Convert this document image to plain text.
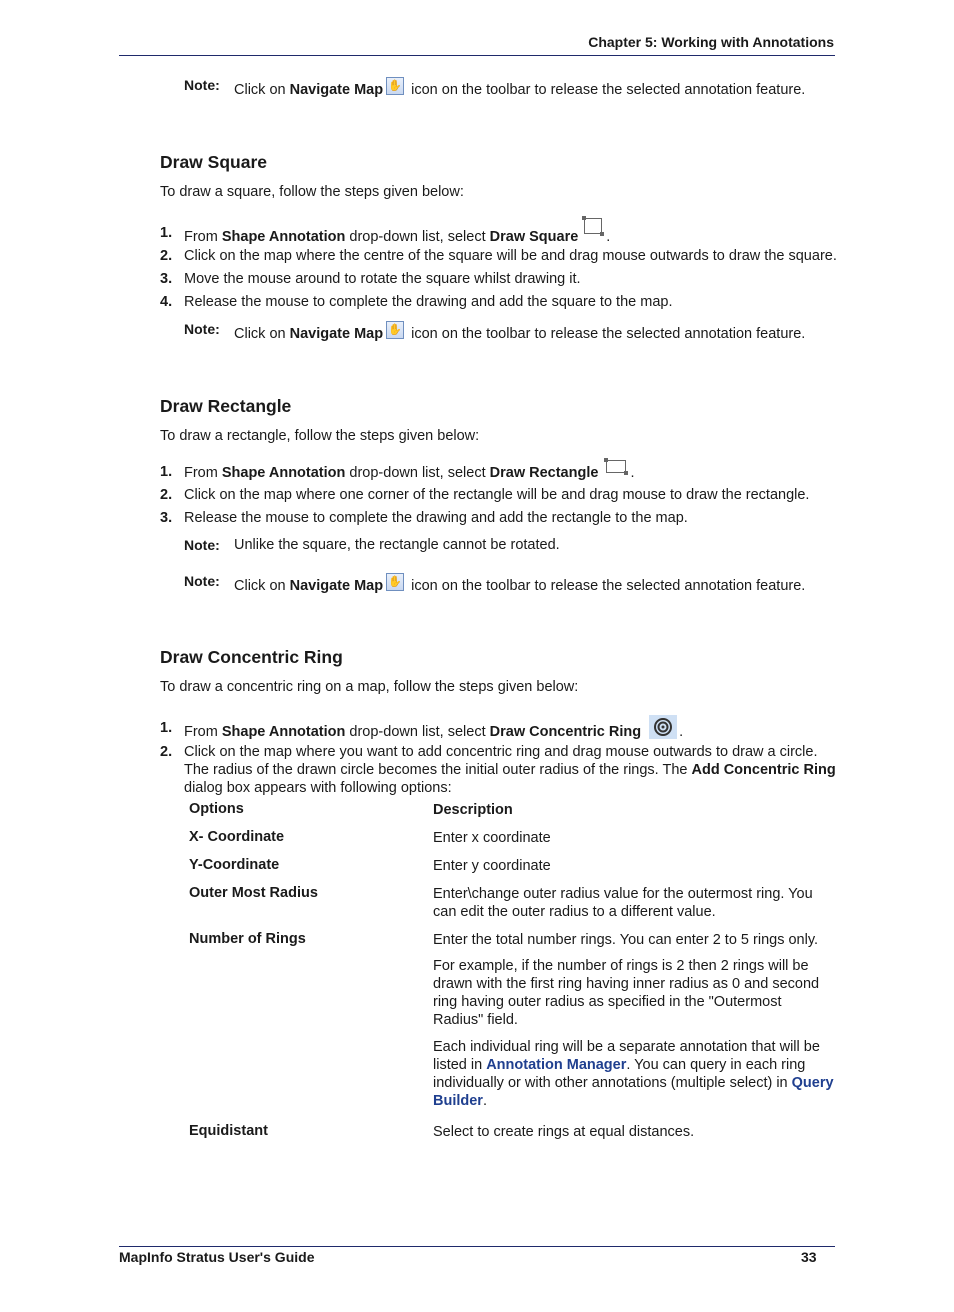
Chapter 5: Working with Annotations
Note: Click on Navigate Map ✋ icon on the toolbar to release the selected annotation feature.
Draw Square
To draw a square, follow the steps given below:
1. From Shape Annotation drop-down list, select Draw Square .
2. Click on the map where the centre of the square will be and drag mouse outwards to draw the square.
3. Move the mouse around to rotate the square whilst drawing it.
4. Release the mouse to complete the drawing and add the square to the map.
Note: Click on Navigate Map ✋ icon on the toolbar to release the selected annotation feature.
Draw Rectangle
To draw a rectangle, follow the steps given below:
1. From Shape Annotation drop-down list, select Draw Rectangle .
2. Click on the map where one corner of the rectangle will be and drag mouse to draw the rectangle.
3. Release the mouse to complete the drawing and add the rectangle to the map.
Note: Unlike the square, the rectangle cannot be rotated.
Note: Click on Navigate Map ✋ icon on the toolbar to release the selected annotation feature.
Draw Concentric Ring
To draw a concentric ring on a map, follow the steps given below:
1. From Shape Annotation drop-down list, select Draw Concentric Ring	.
2. Click on the map where you want to add concentric ring and drag mouse outwards to draw a circle. The radius of the drawn circle becomes the initial outer radius of the rings. The Add Concentric Ring dialog box appears with following options:
Options	Description
X- Coordinate	Enter x coordinate
Y-Coordinate	Enter y coordinate
Outer Most Radius	Enter\change outer radius value for the outermost ring. You can edit the outer radius to a different value.
Number of Rings	Enter the total number rings. You can enter 2 to 5 rings only.
For example, if the number of rings is 2 then 2 rings will be drawn with the first ring having inner radius as 0 and second ring having outer radius as specified in the "Outermost Radius" field.
Each individual ring will be a separate annotation that will be listed in Annotation Manager. You can query in each ring individually or with other annotations (multiple select) in Query Builder.
Equidistant	Select to create rings at equal distances.
MapInfo Stratus User's Guide	33
